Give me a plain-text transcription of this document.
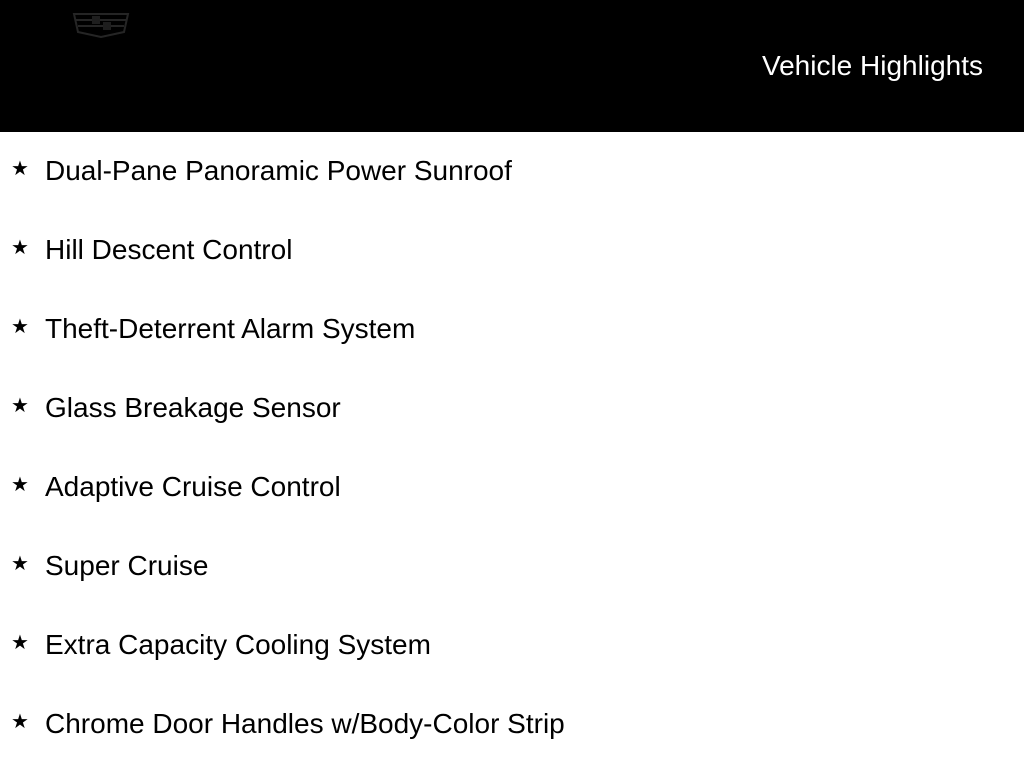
Vehicle Highlights
★ Dual-Pane Panoramic Power Sunroof
★ Hill Descent Control
★ Theft-Deterrent Alarm System
★ Glass Breakage Sensor
★ Adaptive Cruise Control
★ Super Cruise
★ Extra Capacity Cooling System
★ Chrome Door Handles w/Body-Color Strip
